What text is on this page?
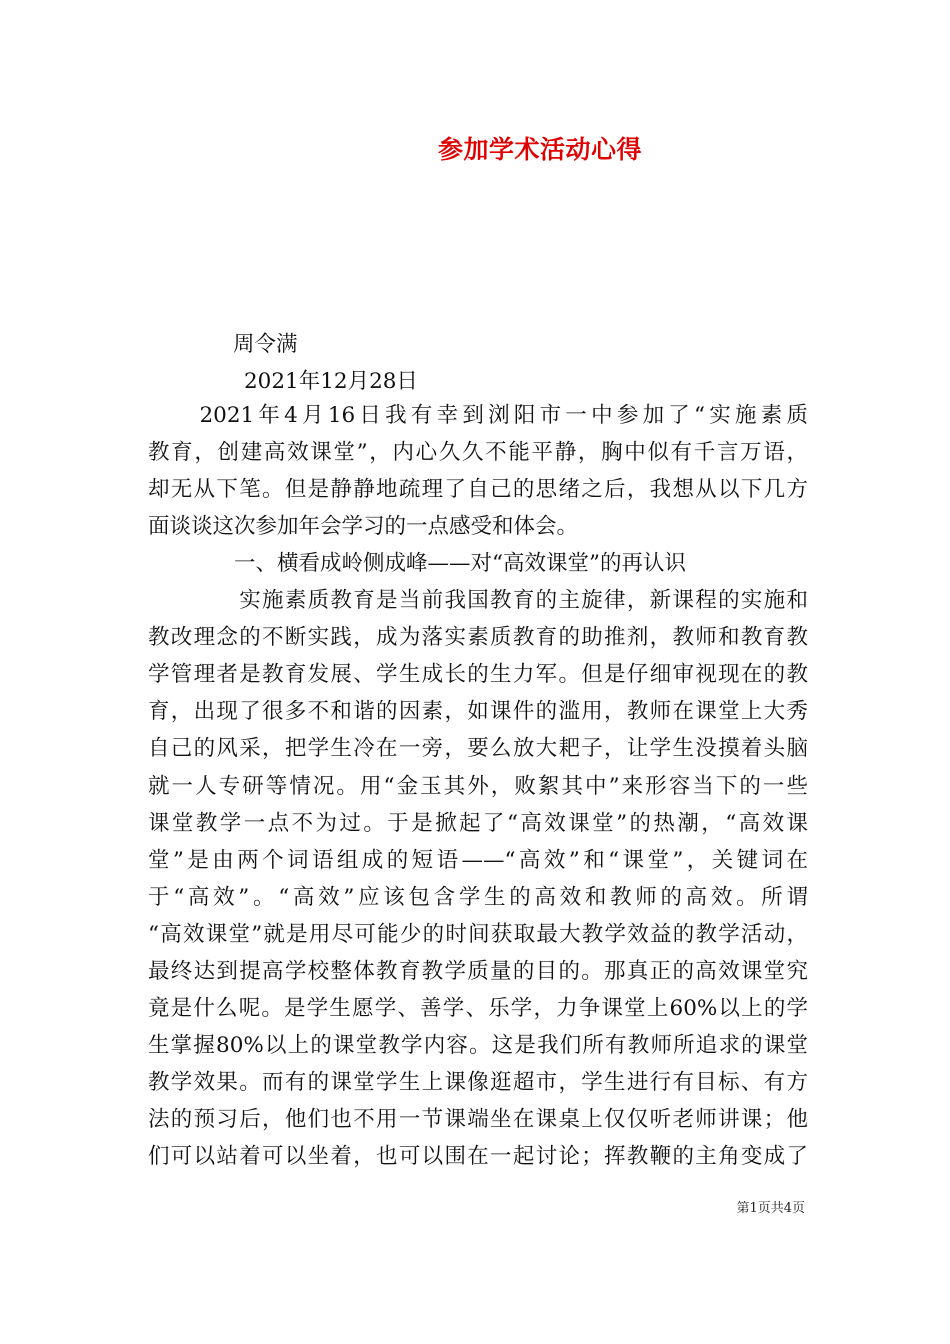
参加学术活动心得
周令满
2021年12月28日
　　2021年4月16日我有幸到浏阳市一中参加了“实施素质
教育，创建高效课堂”，内心久久不能平静，胸中似有千言万语，
却无从下笔。但是静静地疏理了自己的思绪之后，我想从以下几方
面谈谈这次参加年会学习的一点感受和体会。
　　　　一、横看成岭侧成峰——对“高效课堂”的再认识
　　　　实施素质教育是当前我国教育的主旋律，新课程的实施和
教改理念的不断实践，成为落实素质教育的助推剂，教师和教育教
学管理者是教育发展、学生成长的生力军。但是仔细审视现在的教
育，出现了很多不和谐的因素，如课件的滥用，教师在课堂上大秀
自己的风采，把学生冷在一旁，要么放大耙子，让学生没摸着头脑
就一人专研等情况。用“金玉其外，败絮其中”来形容当下的一些
课堂教学一点不为过。于是掀起了“高效课堂”的热潮，“高效课
堂”是由两个词语组成的短语——“高效”和“课堂”，关键词在
于“高效”。“高效”应该包含学生的高效和教师的高效。所谓
“高效课堂”就是用尽可能少的时间获取最大教学效益的教学活动，
最终达到提高学校整体教育教学质量的目的。那真正的高效课堂究
竟是什么呢。是学生愿学、善学、乐学，力争课堂上60%以上的学
生掌握80%以上的课堂教学内容。这是我们所有教师所追求的课堂
教学效果。而有的课堂学生上课像逛超市，学生进行有目标、有方
法的预习后，他们也不用一节课端坐在课桌上仅仅听老师讲课；他
们可以站着可以坐着，也可以围在一起讨论；挥教鞭的主角变成了
第1页共4页
